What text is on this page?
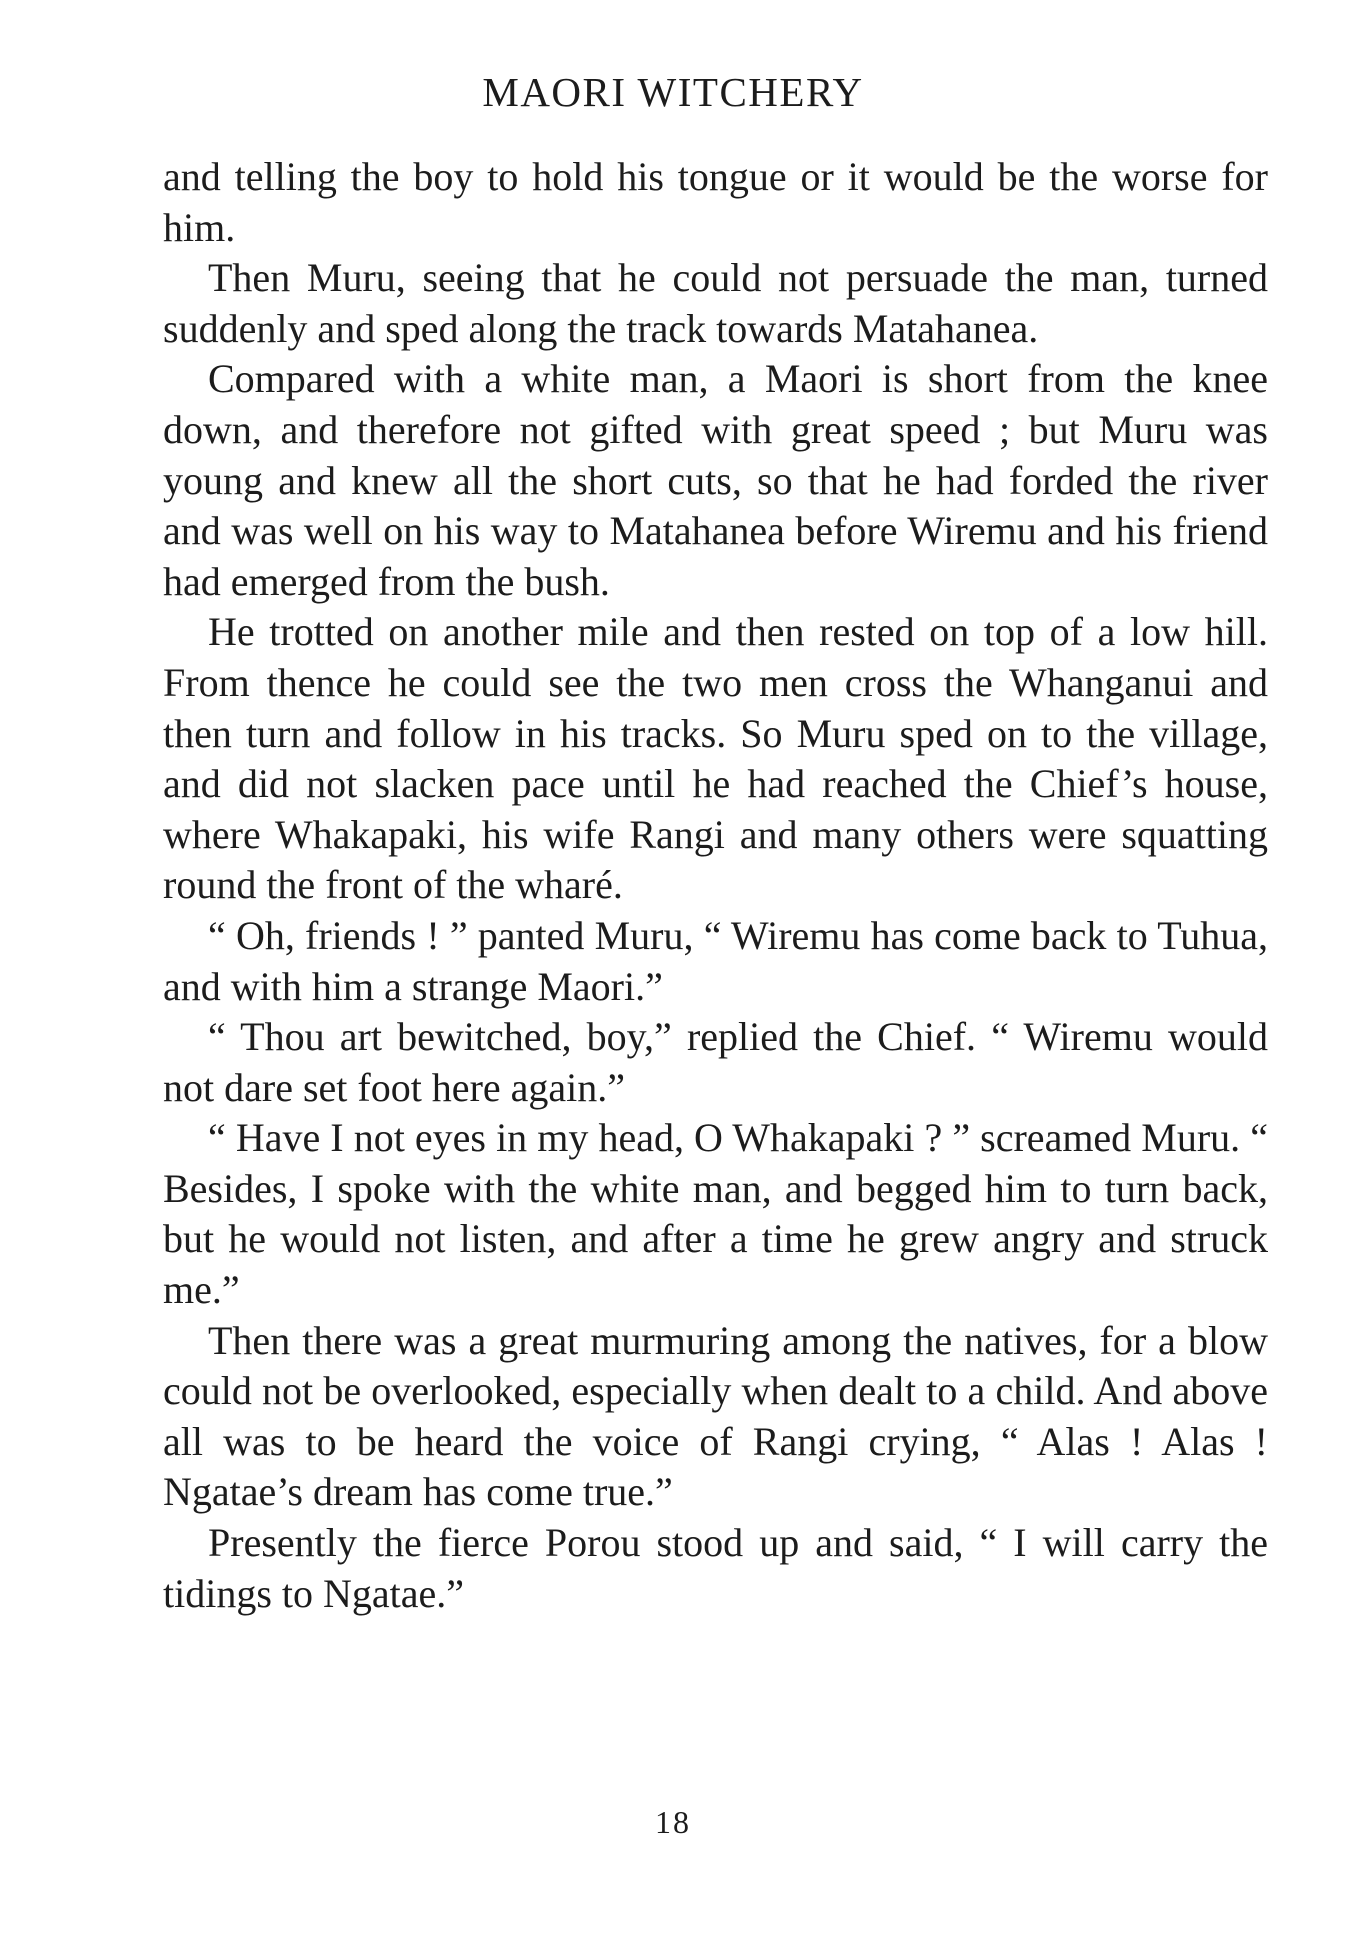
MAORI WITCHERY

and telling the boy to hold his tongue or it would be the worse for him.

Then Muru, seeing that he could not persuade the man, turned suddenly and sped along the track towards Matahanea.

Compared with a white man, a Maori is short from the knee down, and therefore not gifted with great speed ; but Muru was young and knew all the short cuts, so that he had forded the river and was well on his way to Matahanea before Wiremu and his friend had emerged from the bush.

He trotted on another mile and then rested on top of a low hill. From thence he could see the two men cross the Whanganui and then turn and follow in his tracks. So Muru sped on to the village, and did not slacken pace until he had reached the Chief’s house, where Whakapaki, his wife Rangi and many others were squatting round the front of the wharé.

“ Oh, friends ! ” panted Muru, “ Wiremu has come back to Tuhua, and with him a strange Maori.”

“ Thou art bewitched, boy,” replied the Chief. “ Wiremu would not dare set foot here again.”

“ Have I not eyes in my head, O Whakapaki ? ” screamed Muru. “ Besides, I spoke with the white man, and begged him to turn back, but he would not listen, and after a time he grew angry and struck me.”

Then there was a great murmuring among the natives, for a blow could not be overlooked, especially when dealt to a child. And above all was to be heard the voice of Rangi crying, “ Alas ! Alas ! Ngatae’s dream has come true.”

Presently the fierce Porou stood up and said, “ I will carry the tidings to Ngatae.”

18
